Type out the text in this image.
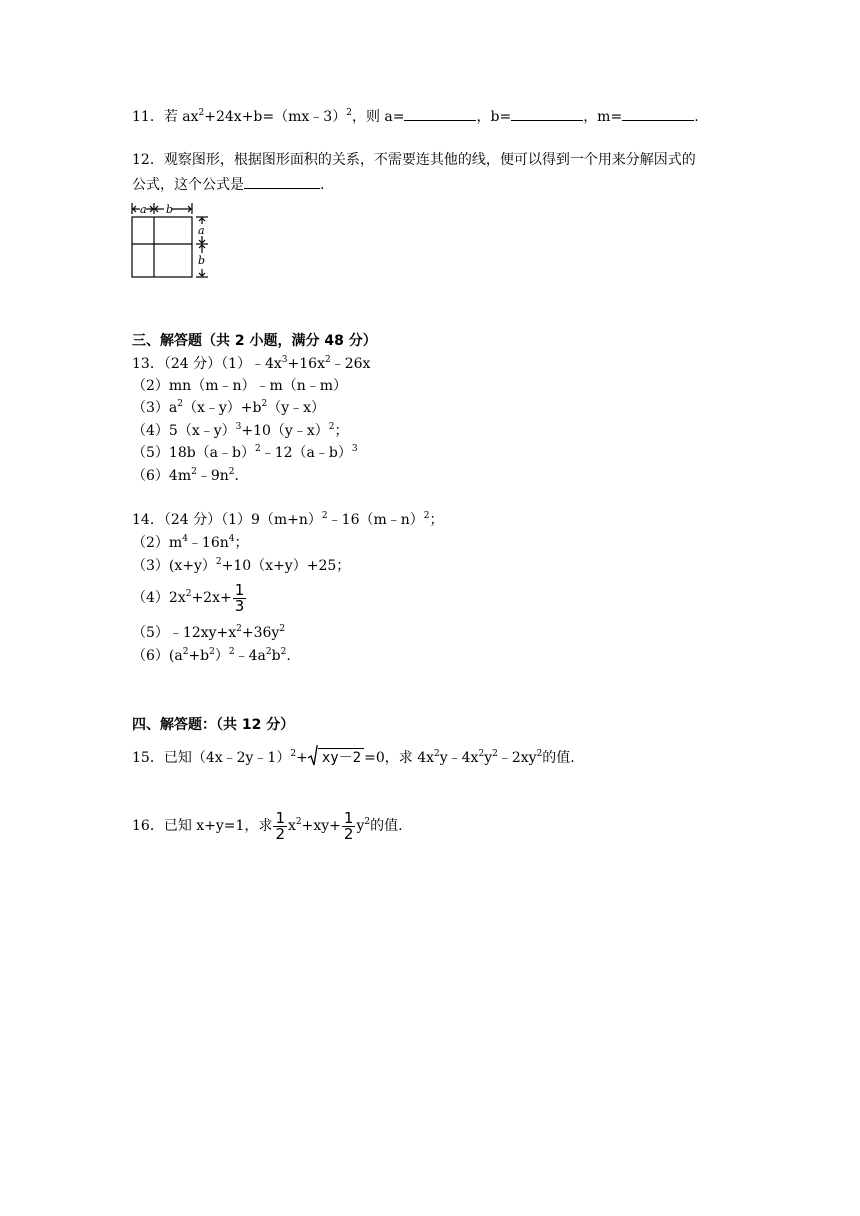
11．若 $ax^2+24x+b=(mx﹣3)^2$，则 a=	，b=	，m=	.
12．观察图形，根据图形面积的关系，不需要连其他的线，便可以得到一个用来分解因式的
公式，这个公式是	.
a b
a
b
三、解答题（共 2 小题，满分 48 分）
13．（24 分）$(1)﹣4x^3+16x^2﹣26x$
（2）mn（m﹣n）﹣m（n﹣m）
$(3)a^2(x﹣y)+b^2(y﹣x)$
（4）5（x﹣y）$^3$+10（y﹣x）$^2$；
（5）18b（a﹣b）$^2$﹣12（a﹣b）$^3$
$(6)4m^2﹣9n^2$.
14．（24 分）$(1)9(m+n)^2﹣16(m﹣n)^2$；
$(2)m^4﹣16n^4$；
（3）(x+y）$^2$+10（x+y）+25；
$(4)2x^2+2x+ \frac{1}{3}$
$(5)﹣12xy+x^2+36y^2$
$(6)(a^2+b^2)^2﹣4a^2b^2$.
四、解答题：（共 12 分）
15．已知（4x﹣2y﹣1）$^2$+ xy－2 =0，求 $4x^2y﹣4x^2y^2﹣2xy^2$的值.
16．已知 x+y=1，求 $\frac{1}{2} x^2+xy+ \frac{1}{2} y^2$的值.
